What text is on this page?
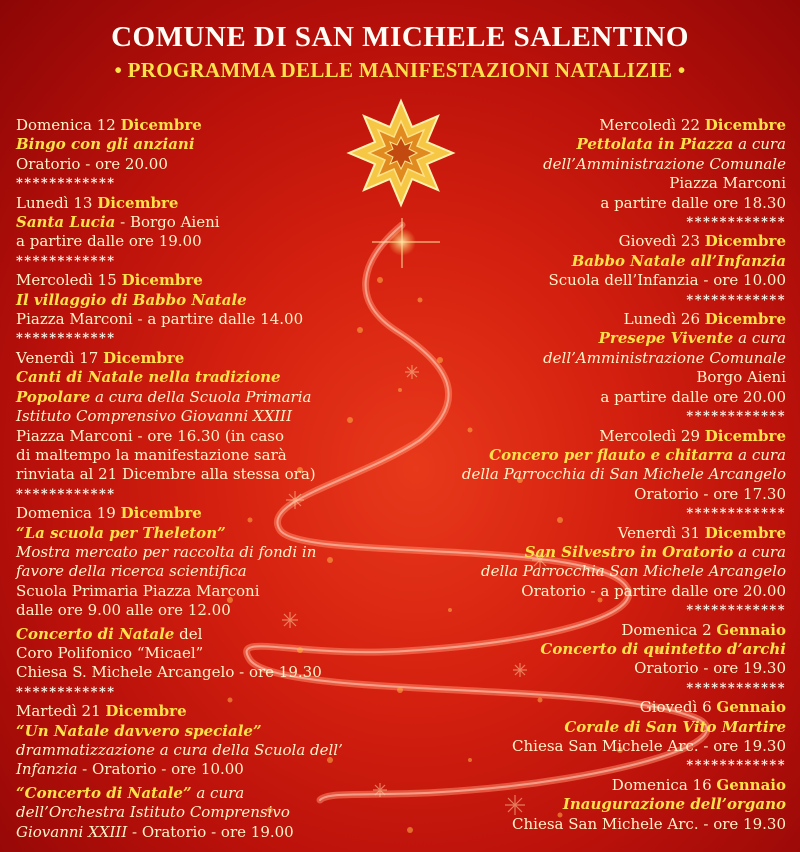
COMUNE DI SAN MICHELE SALENTINO
• PROGRAMMA DELLE MANIFESTAZIONI NATALIZIE •
Domenica 12 Dicembre
Bingo con gli anziani
Oratorio - ore 20.00
************
Lunedì 13 Dicembre
Santa Lucia - Borgo Aieni
a partire dalle ore 19.00
************
Mercoledì 15 Dicembre
Il villaggio di Babbo Natale
Piazza Marconi - a partire dalle 14.00
************
Venerdì 17 Dicembre
Canti di Natale nella tradizione
Popolare a cura della Scuola Primaria
Istituto Comprensivo Giovanni XXIII
Piazza Marconi - ore 16.30 (in caso
di maltempo la manifestazione sarà
rinviata al 21 Dicembre alla stessa ora)
************
Domenica 19 Dicembre
“La scuola per Theleton”
Mostra mercato per raccolta di fondi in
favore della ricerca scientifica
Scuola Primaria Piazza Marconi
dalle ore 9.00 alle ore 12.00
Concerto di Natale del
Coro Polifonico “Micael”
Chiesa S. Michele Arcangelo - ore 19.30
************
Martedì 21 Dicembre
“Un Natale davvero speciale”
drammatizzazione a cura della Scuola dell’
Infanzia - Oratorio - ore 10.00
“Concerto di Natale” a cura
dell’Orchestra Istituto Comprensivo
Giovanni XXIII - Oratorio - ore 19.00
Mercoledì 22 Dicembre
Pettolata in Piazza a cura
dell’Amministrazione Comunale
Piazza Marconi
a partire dalle ore 18.30
************
Giovedì 23 Dicembre
Babbo Natale all’Infanzia
Scuola dell’Infanzia - ore 10.00
************
Lunedì 26 Dicembre
Presepe Vivente a cura
dell’Amministrazione Comunale
Borgo Aieni
a partire dalle ore 20.00
************
Mercoledì 29 Dicembre
Concero per flauto e chitarra a cura
della Parrocchia di San Michele Arcangelo
Oratorio - ore 17.30
************
Venerdì 31 Dicembre
San Silvestro in Oratorio a cura
della Parrocchia San Michele Arcangelo
Oratorio - a partire dalle ore 20.00
************
Domenica 2 Gennaio
Concerto di quintetto d’archi
Oratorio - ore 19.30
************
Giovedì 6 Gennaio
Corale di San Vito Martire
Chiesa San Michele Arc. - ore 19.30
************
Domenica 16 Gennaio
Inaugurazione dell’organo
Chiesa San Michele Arc. - ore 19.30
